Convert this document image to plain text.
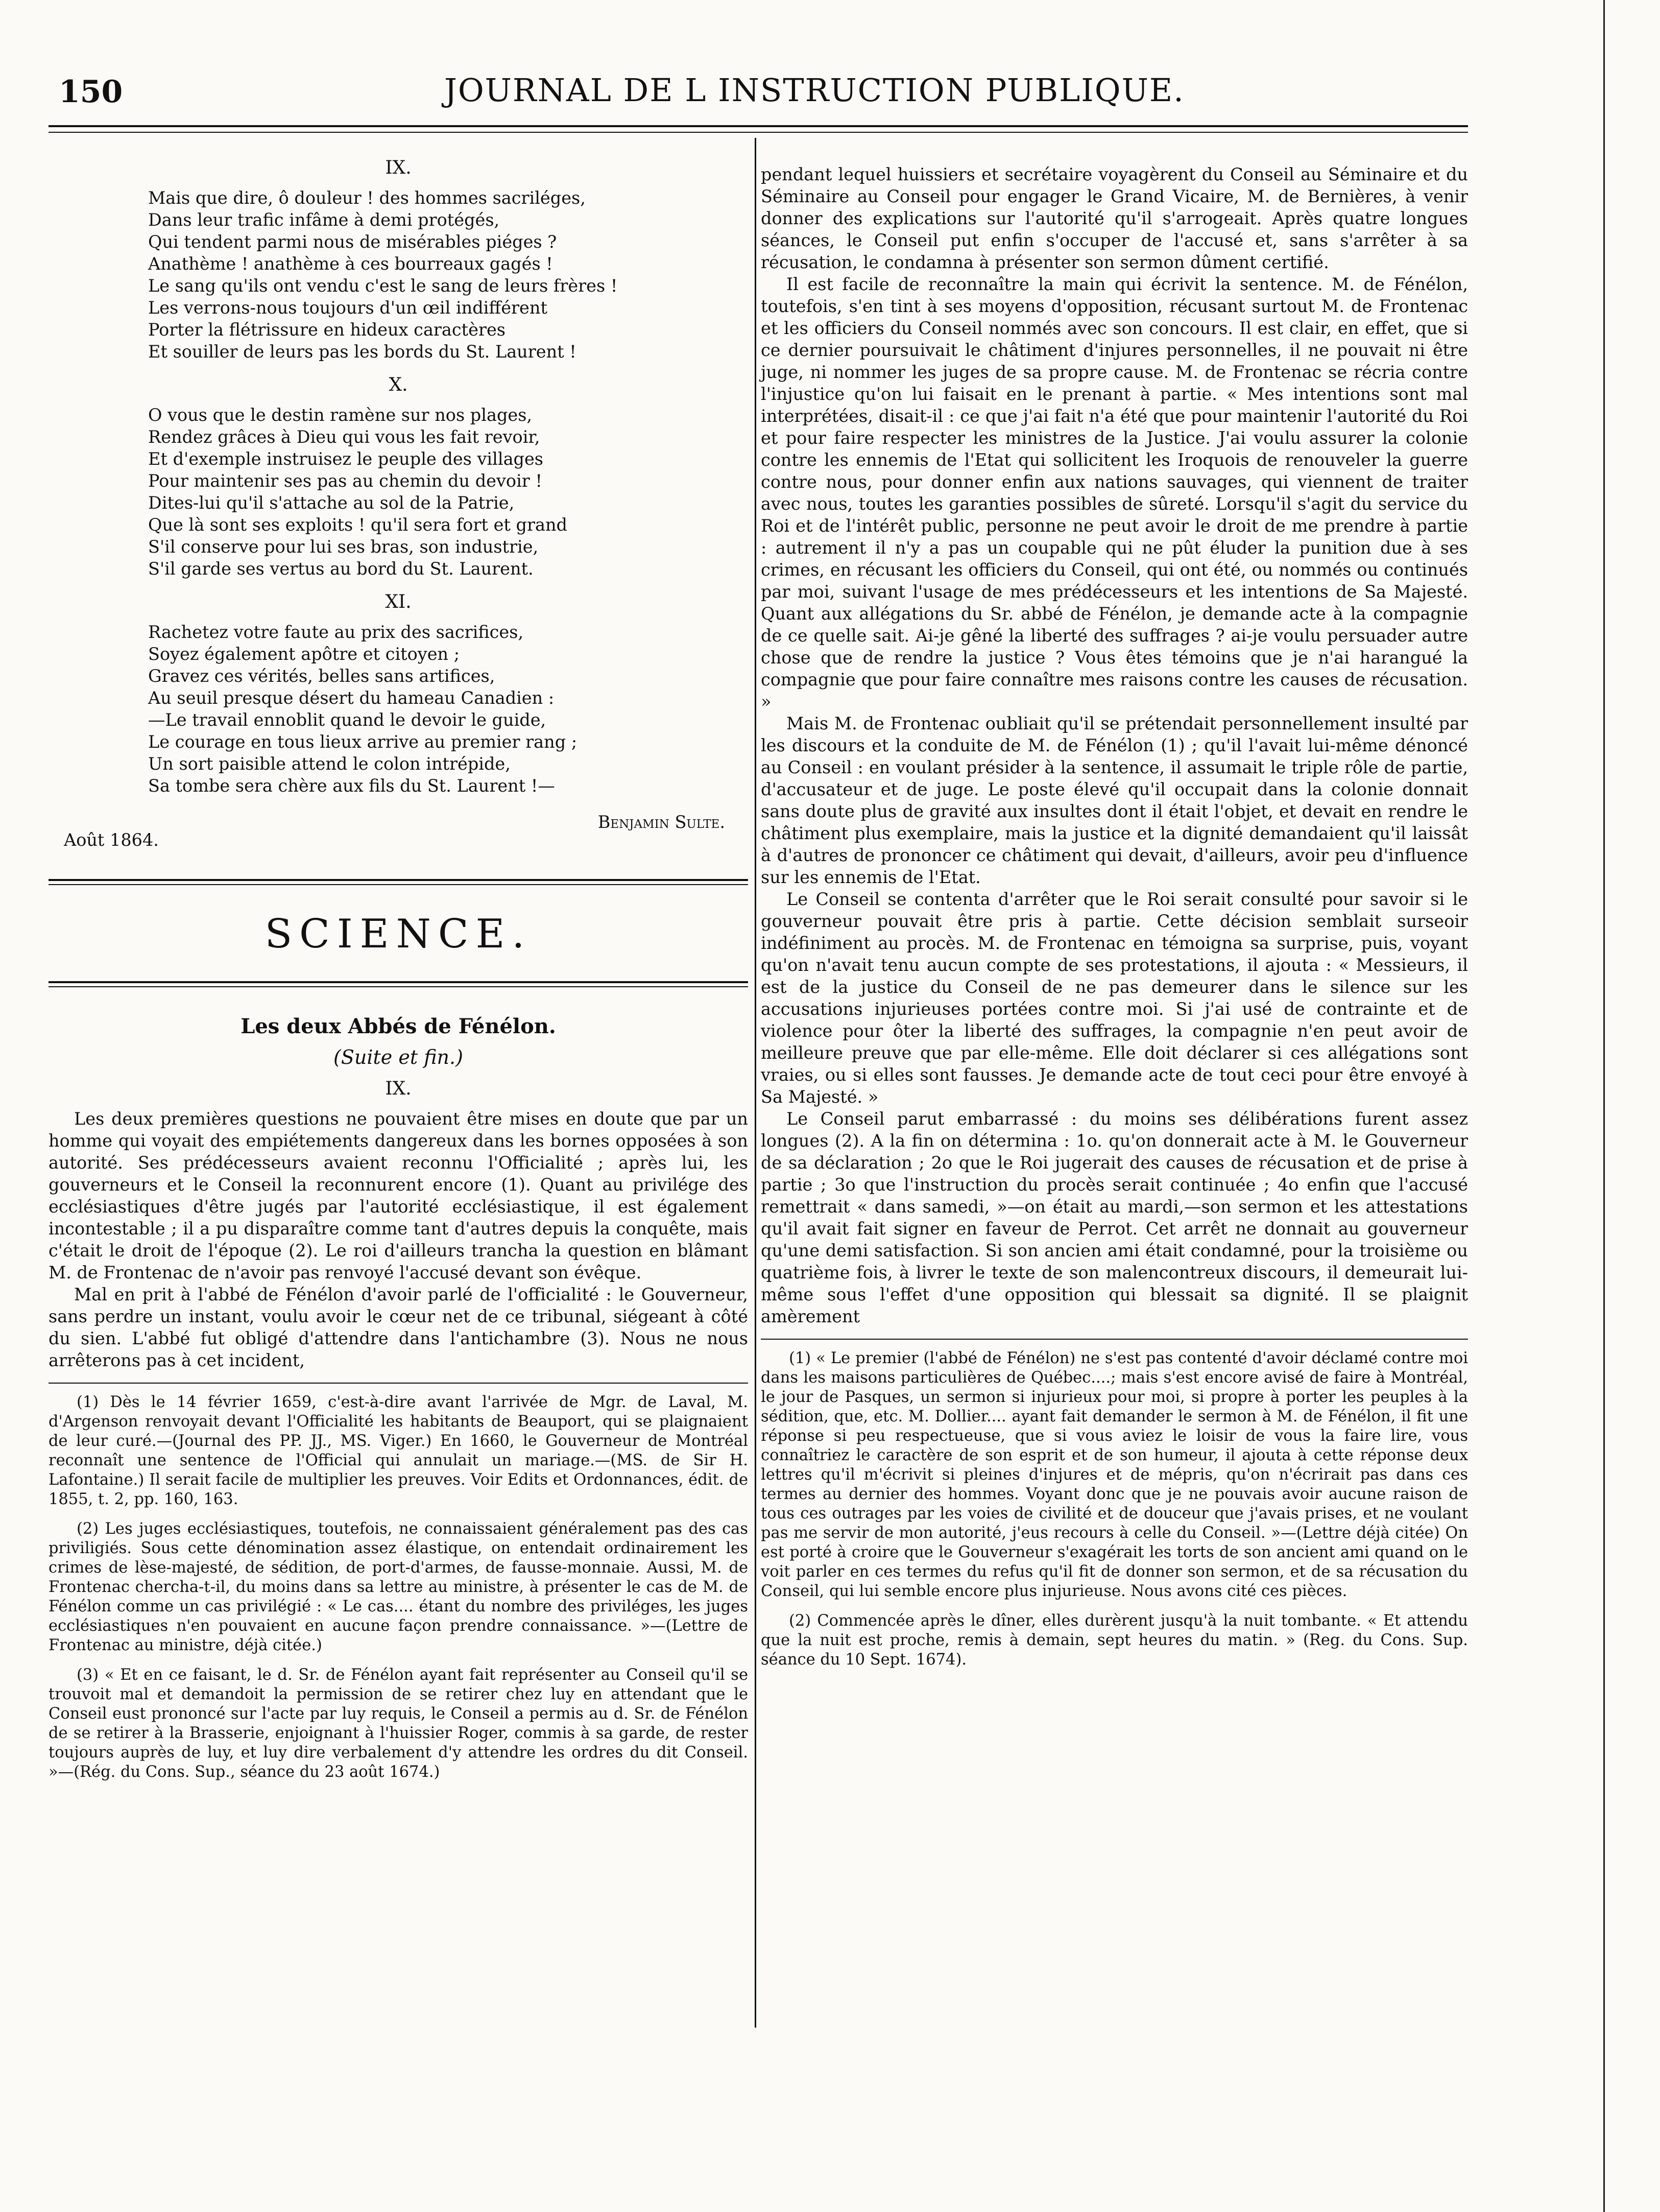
150	JOURNAL DE L INSTRUCTION PUBLIQUE.
IX.
Mais que dire, ô douleur ! des hommes sacriléges,
Dans leur trafic infâme à demi protégés,
Qui tendent parmi nous de misérables piéges ?
Anathème ! anathème à ces bourreaux gagés !
Le sang qu'ils ont vendu c'est le sang de leurs frères !
Les verrons-nous toujours d'un œil indifférent
Porter la flétrissure en hideux caractères
Et souiller de leurs pas les bords du St. Laurent !
X.
O vous que le destin ramène sur nos plages,
Rendez grâces à Dieu qui vous les fait revoir,
Et d'exemple instruisez le peuple des villages
Pour maintenir ses pas au chemin du devoir !
Dites-lui qu'il s'attache au sol de la Patrie,
Que là sont ses exploits ! qu'il sera fort et grand
S'il conserve pour lui ses bras, son industrie,
S'il garde ses vertus au bord du St. Laurent.
XI.
Rachetez votre faute au prix des sacrifices,
Soyez également apôtre et citoyen ;
Gravez ces vérités, belles sans artifices,
Au seuil presque désert du hameau Canadien :
—Le travail ennoblit quand le devoir le guide,
Le courage en tous lieux arrive au premier rang ;
Un sort paisible attend le colon intrépide,
Sa tombe sera chère aux fils du St. Laurent !—
Benjamin Sulte.
Août 1864.
SCIENCE.
Les deux Abbés de Fénélon.
(Suite et fin.)
IX.

Les deux premières questions ne pouvaient être mises en doute que par un homme qui voyait des empiétements dangereux dans les bornes opposées à son autorité. Ses prédécesseurs avaient reconnu l'Officialité ; après lui, les gouverneurs et le Conseil la reconnurent encore (1). Quant au privilége des ecclésiastiques d'être jugés par l'autorité ecclésiastique, il est également incontestable ; il a pu disparaître comme tant d'autres depuis la conquête, mais c'était le droit de l'époque (2). Le roi d'ailleurs trancha la question en blâmant M. de Frontenac de n'avoir pas renvoyé l'accusé devant son évêque.

Mal en prit à l'abbé de Fénélon d'avoir parlé de l'officialité : le Gouverneur, sans perdre un instant, voulu avoir le cœur net de ce tribunal, siégeant à côté du sien. L'abbé fut obligé d'attendre dans l'antichambre (3). Nous ne nous arrêterons pas à cet incident,

(1) Dès le 14 février 1659, c'est-à-dire avant l'arrivée de Mgr. de Laval, M. d'Argenson renvoyait devant l'Officialité les habitants de Beauport, qui se plaignaient de leur curé.—(Journal des PP. JJ., MS. Viger.) En 1660, le Gouverneur de Montréal reconnaît une sentence de l'Official qui annulait un mariage.—(MS. de Sir H. Lafontaine.) Il serait facile de multiplier les preuves. Voir Edits et Ordonnances, édit. de 1855, t. 2, pp. 160, 163.

(2) Les juges ecclésiastiques, toutefois, ne connaissaient généralement pas des cas priviligiés. Sous cette dénomination assez élastique, on entendait ordinairement les crimes de lèse-majesté, de sédition, de port-d'armes, de fausse-monnaie. Aussi, M. de Frontenac chercha-t-il, du moins dans sa lettre au ministre, à présenter le cas de M. de Fénélon comme un cas privilégié : « Le cas.... étant du nombre des priviléges, les juges ecclésiastiques n'en pouvaient en aucune façon prendre connaissance. »—(Lettre de Frontenac au ministre, déjà citée.)

(3) « Et en ce faisant, le d. Sr. de Fénélon ayant fait représenter au Conseil qu'il se trouvoit mal et demandoit la permission de se retirer chez luy en attendant que le Conseil eust prononcé sur l'acte par luy requis, le Conseil a permis au d. Sr. de Fénélon de se retirer à la Brasserie, enjoignant à l'huissier Roger, commis à sa garde, de rester toujours auprès de luy, et luy dire verbalement d'y attendre les ordres du dit Conseil. »—(Rég. du Cons. Sup., séance du 23 août 1674.)

pendant lequel huissiers et secrétaire voyagèrent du Conseil au Séminaire et du Séminaire au Conseil pour engager le Grand Vicaire, M. de Bernières, à venir donner des explications sur l'autorité qu'il s'arrogeait. Après quatre longues séances, le Conseil put enfin s'occuper de l'accusé et, sans s'arrêter à sa récusation, le condamna à présenter son sermon dûment certifié.

Il est facile de reconnaître la main qui écrivit la sentence. M. de Fénélon, toutefois, s'en tint à ses moyens d'opposition, récusant surtout M. de Frontenac et les officiers du Conseil nommés avec son concours. Il est clair, en effet, que si ce dernier poursuivait le châtiment d'injures personnelles, il ne pouvait ni être juge, ni nommer les juges de sa propre cause. M. de Frontenac se récria contre l'injustice qu'on lui faisait en le prenant à partie. « Mes intentions sont mal interprétées, disait-il : ce que j'ai fait n'a été que pour maintenir l'autorité du Roi et pour faire respecter les ministres de la Justice. J'ai voulu assurer la colonie contre les ennemis de l'Etat qui sollicitent les Iroquois de renouveler la guerre contre nous, pour donner enfin aux nations sauvages, qui viennent de traiter avec nous, toutes les garanties possibles de sûreté. Lorsqu'il s'agit du service du Roi et de l'intérêt public, personne ne peut avoir le droit de me prendre à partie : autrement il n'y a pas un coupable qui ne pût éluder la punition due à ses crimes, en récusant les officiers du Conseil, qui ont été, ou nommés ou continués par moi, suivant l'usage de mes prédécesseurs et les intentions de Sa Majesté. Quant aux allégations du Sr. abbé de Fénélon, je demande acte à la compagnie de ce quelle sait. Ai-je gêné la liberté des suffrages ? ai-je voulu persuader autre chose que de rendre la justice ? Vous êtes témoins que je n'ai harangué la compagnie que pour faire connaître mes raisons contre les causes de récusation. »

Mais M. de Frontenac oubliait qu'il se prétendait personnellement insulté par les discours et la conduite de M. de Fénélon (1) ; qu'il l'avait lui-même dénoncé au Conseil : en voulant présider à la sentence, il assumait le triple rôle de partie, d'accusateur et de juge. Le poste élevé qu'il occupait dans la colonie donnait sans doute plus de gravité aux insultes dont il était l'objet, et devait en rendre le châtiment plus exemplaire, mais la justice et la dignité demandaient qu'il laissât à d'autres de prononcer ce châtiment qui devait, d'ailleurs, avoir peu d'influence sur les ennemis de l'Etat.

Le Conseil se contenta d'arrêter que le Roi serait consulté pour savoir si le gouverneur pouvait être pris à partie. Cette décision semblait surseoir indéfiniment au procès. M. de Frontenac en témoigna sa surprise, puis, voyant qu'on n'avait tenu aucun compte de ses protestations, il ajouta : « Messieurs, il est de la justice du Conseil de ne pas demeurer dans le silence sur les accusations injurieuses portées contre moi. Si j'ai usé de contrainte et de violence pour ôter la liberté des suffrages, la compagnie n'en peut avoir de meilleure preuve que par elle-même. Elle doit déclarer si ces allégations sont vraies, ou si elles sont fausses. Je demande acte de tout ceci pour être envoyé à Sa Majesté. »

Le Conseil parut embarrassé : du moins ses délibérations furent assez longues (2). A la fin on détermina : 1o. qu'on donnerait acte à M. le Gouverneur de sa déclaration ; 2o que le Roi jugerait des causes de récusation et de prise à partie ; 3o que l'instruction du procès serait continuée ; 4o enfin que l'accusé remettrait « dans samedi, »—on était au mardi,—son sermon et les attestations qu'il avait fait signer en faveur de Perrot. Cet arrêt ne donnait au gouverneur qu'une demi satisfaction. Si son ancien ami était condamné, pour la troisième ou quatrième fois, à livrer le texte de son malencontreux discours, il demeurait lui-même sous l'effet d'une opposition qui blessait sa dignité. Il se plaignit amèrement

(1) « Le premier (l'abbé de Fénélon) ne s'est pas contenté d'avoir déclamé contre moi dans les maisons particulières de Québec....; mais s'est encore avisé de faire à Montréal, le jour de Pasques, un sermon si injurieux pour moi, si propre à porter les peuples à la sédition, que, etc. M. Dollier.... ayant fait demander le sermon à M. de Fénélon, il fit une réponse si peu respectueuse, que si vous aviez le loisir de vous la faire lire, vous connaîtriez le caractère de son esprit et de son humeur, il ajouta à cette réponse deux lettres qu'il m'écrivit si pleines d'injures et de mépris, qu'on n'écrirait pas dans ces termes au dernier des hommes. Voyant donc que je ne pouvais avoir aucune raison de tous ces outrages par les voies de civilité et de douceur que j'avais prises, et ne voulant pas me servir de mon autorité, j'eus recours à celle du Conseil. »—(Lettre déjà citée) On est porté à croire que le Gouverneur s'exagérait les torts de son ancient ami quand on le voit parler en ces termes du refus qu'il fit de donner son sermon, et de sa récusation du Conseil, qui lui semble encore plus injurieuse. Nous avons cité ces pièces.

(2) Commencée après le dîner, elles durèrent jusqu'à la nuit tombante. « Et attendu que la nuit est proche, remis à demain, sept heures du matin. » (Reg. du Cons. Sup. séance du 10 Sept. 1674).
